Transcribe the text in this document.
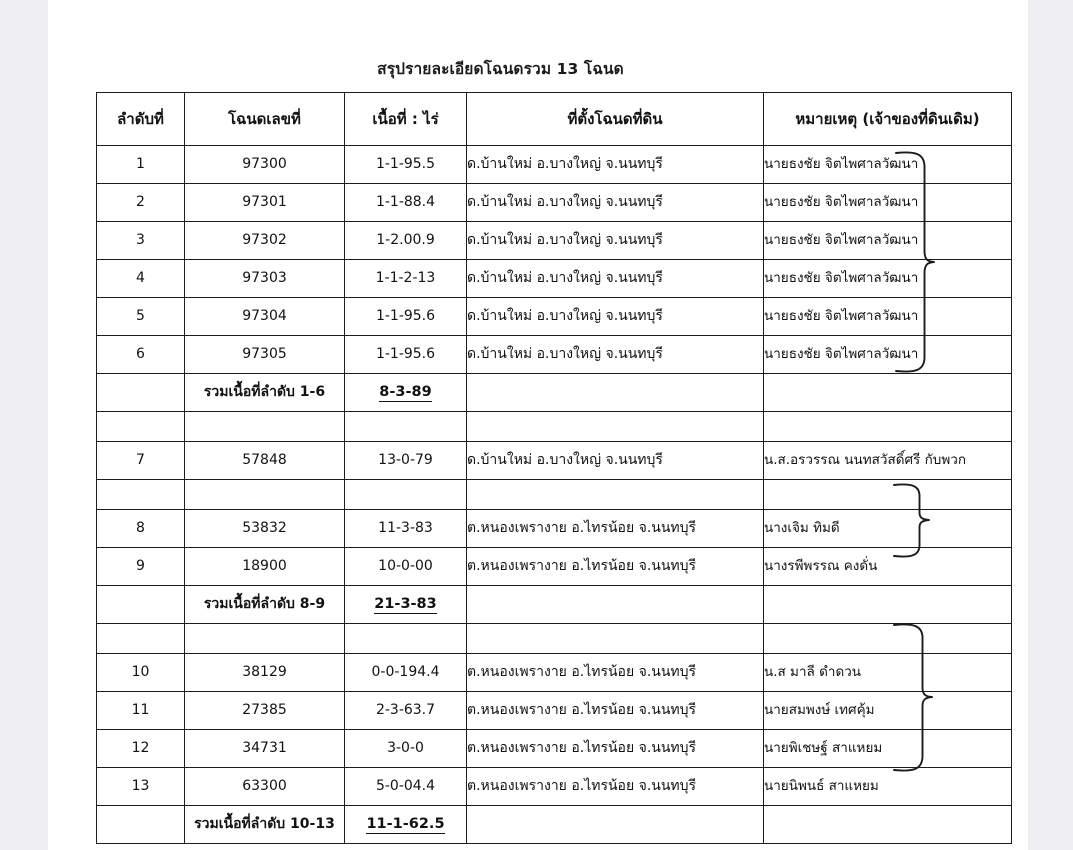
สรุปรายละเอียดโฉนดรวม 13 โฉนด
ลำดับที่	โฉนดเลขที่	เนื้อที่ : ไร่	ที่ตั้งโฉนดที่ดิน	หมายเหตุ (เจ้าของที่ดินเดิม)
1	97300	1-1-95.5	ด.บ้านใหม่ อ.บางใหญ่ จ.นนทบุรี	นายธงชัย จิตไพศาลวัฒนา

2	97301	1-1-88.4	ด.บ้านใหม่ อ.บางใหญ่ จ.นนทบุรี	นายธงชัย จิตไพศาลวัฒนา

3	97302	1-2.00.9	ด.บ้านใหม่ อ.บางใหญ่ จ.นนทบุรี	นายธงชัย จิตไพศาลวัฒนา

4	97303	1-1-2-13	ด.บ้านใหม่ อ.บางใหญ่ จ.นนทบุรี	นายธงชัย จิตไพศาลวัฒนา

5	97304	1-1-95.6	ด.บ้านใหม่ อ.บางใหญ่ จ.นนทบุรี	นายธงชัย จิตไพศาลวัฒนา

6	97305	1-1-95.6	ด.บ้านใหม่ อ.บางใหญ่ จ.นนทบุรี	นายธงชัย จิตไพศาลวัฒนา

	รวมเนื้อที่ลำดับ 1-6	8-3-89		

7	57848	13-0-79	ด.บ้านใหม่ อ.บางใหญ่ จ.นนทบุรี	น.ส.อรวรรณ นนทสวัสดิ์ศรี กับพวก

8	53832	11-3-83	ต.หนองเพรางาย อ.ไทรน้อย จ.นนทบุรี	นางเจิม ทิมดี

9	18900	10-0-00	ต.หนองเพรางาย อ.ไทรน้อย จ.นนทบุรี	นางรพีพรรณ คงดั่น

	รวมเนื้อที่ลำดับ 8-9	21-3-83		

10	38129	0-0-194.4	ต.หนองเพรางาย อ.ไทรน้อย จ.นนทบุรี	น.ส มาลี ดำดวน

11	27385	2-3-63.7	ต.หนองเพรางาย อ.ไทรน้อย จ.นนทบุรี	นายสมพงษ์ เทศคุ้ม

12	34731	3-0-0	ต.หนองเพรางาย อ.ไทรน้อย จ.นนทบุรี	นายพิเชษฐ์ สาแหยม

13	63300	5-0-04.4	ต.หนองเพรางาย อ.ไทรน้อย จ.นนทบุรี	นายนิพนธ์ สาแหยม

	รวมเนื้อที่ลำดับ 10-13	11-1-62.5		
